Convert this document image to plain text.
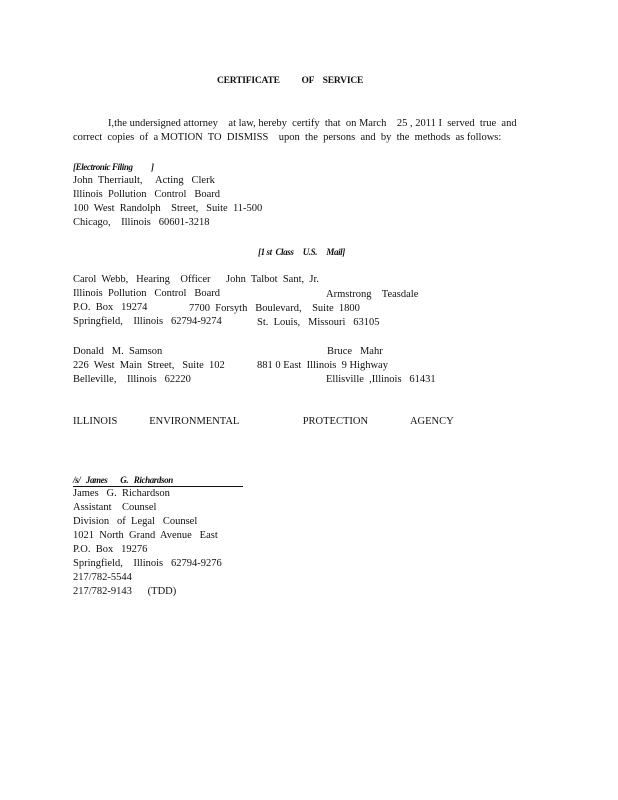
CERTIFICATE          OF    SERVICE

I,the undersigned attorney    at law, hereby  certify  that  on March    25 , 2011 I  served  true  and

correct  copies  of  a MOTION  TO  DISMISS    upon  the  persons  and  by  the  methods  as follows:

[Electronic Filing          ]

John  Therriault,     Acting   Clerk

Illinois  Pollution   Control   Board

100  West  Randolph    Street,   Suite  11-500

Chicago,    Illinois   60601-3218

[1 st  Class     U.S.     Mail]

Carol  Webb,   Hearing    Officer

Illinois  Pollution   Control   Board

P.O.  Box   19274

Springfield,    Illinois   62794-9274

John  Talbot  Sant,  Jr.

Armstrong    Teasdale

7700  Forsyth   Boulevard,    Suite  1800

St.  Louis,   Missouri   63105

Donald   M.  Samson

226  West  Main  Street,   Suite  102

Belleville,    Illinois   62220

Bruce   Mahr

881 0 East  Illinois  9 Highway

Ellisville  ,Illinois   61431

ILLINOIS   ENVIRONMENTAL      PROTECTION    AGENCY

/s/   James       G.   Richardson

James   G.  Richardson

Assistant    Counsel

Division   of  Legal   Counsel

1021  North  Grand  Avenue   East

P.O.  Box   19276

Springfield,    Illinois   62794-9276

217/782-5544

217/782-9143      (TDD)
